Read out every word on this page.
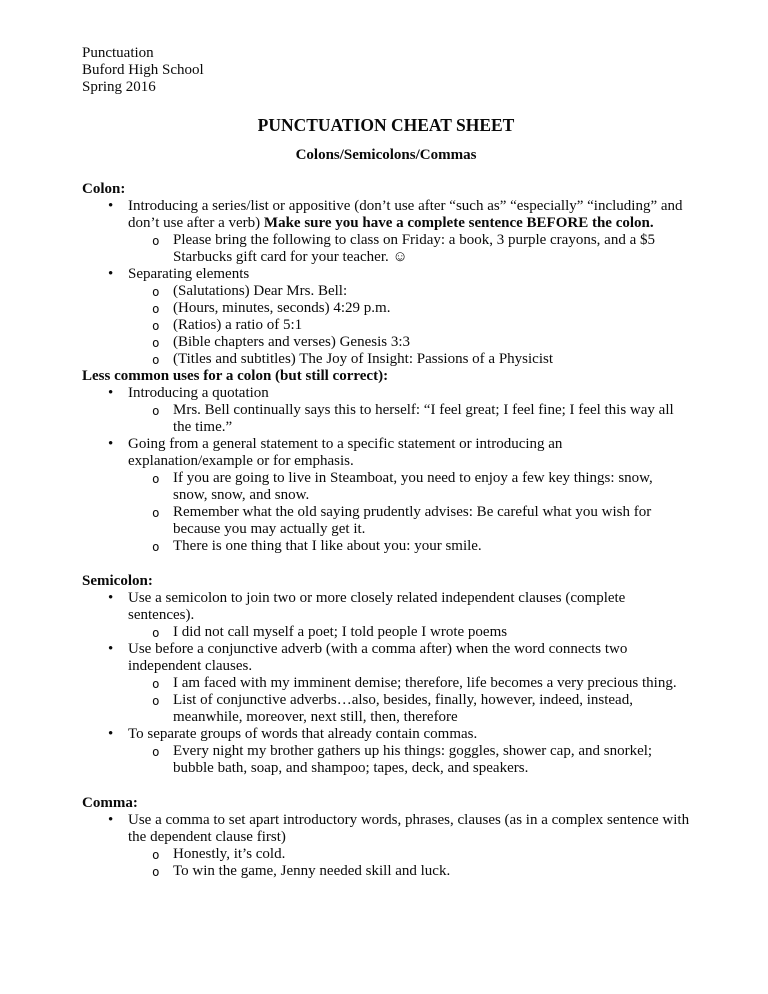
Punctuation
Buford High School
Spring 2016
PUNCTUATION CHEAT SHEET
Colons/Semicolons/Commas
Colon:
• Introducing a series/list or appositive (don’t use after “such as” “especially” “including” and don’t use after a verb) Make sure you have a complete sentence BEFORE the colon.
o Please bring the following to class on Friday: a book, 3 purple crayons, and a $5 Starbucks gift card for your teacher. ☺
• Separating elements
o (Salutations) Dear Mrs. Bell:
o (Hours, minutes, seconds) 4:29 p.m.
o (Ratios) a ratio of 5:1
o (Bible chapters and verses) Genesis 3:3
o (Titles and subtitles) The Joy of Insight: Passions of a Physicist
Less common uses for a colon (but still correct):
• Introducing a quotation
o Mrs. Bell continually says this to herself: “I feel great; I feel fine; I feel this way all the time.”
• Going from a general statement to a specific statement or introducing an explanation/example or for emphasis.
o If you are going to live in Steamboat, you need to enjoy a few key things: snow, snow, snow, and snow.
o Remember what the old saying prudently advises: Be careful what you wish for because you may actually get it.
o There is one thing that I like about you: your smile.
Semicolon:
• Use a semicolon to join two or more closely related independent clauses (complete sentences).
o I did not call myself a poet; I told people I wrote poems
• Use before a conjunctive adverb (with a comma after) when the word connects two independent clauses.
o I am faced with my imminent demise; therefore, life becomes a very precious thing.
o List of conjunctive adverbs…also, besides, finally, however, indeed, instead, meanwhile, moreover, next still, then, therefore
• To separate groups of words that already contain commas.
o Every night my brother gathers up his things: goggles, shower cap, and snorkel; bubble bath, soap, and shampoo; tapes, deck, and speakers.
Comma:
• Use a comma to set apart introductory words, phrases, clauses (as in a complex sentence with the dependent clause first)
o Honestly, it’s cold.
o To win the game, Jenny needed skill and luck.
